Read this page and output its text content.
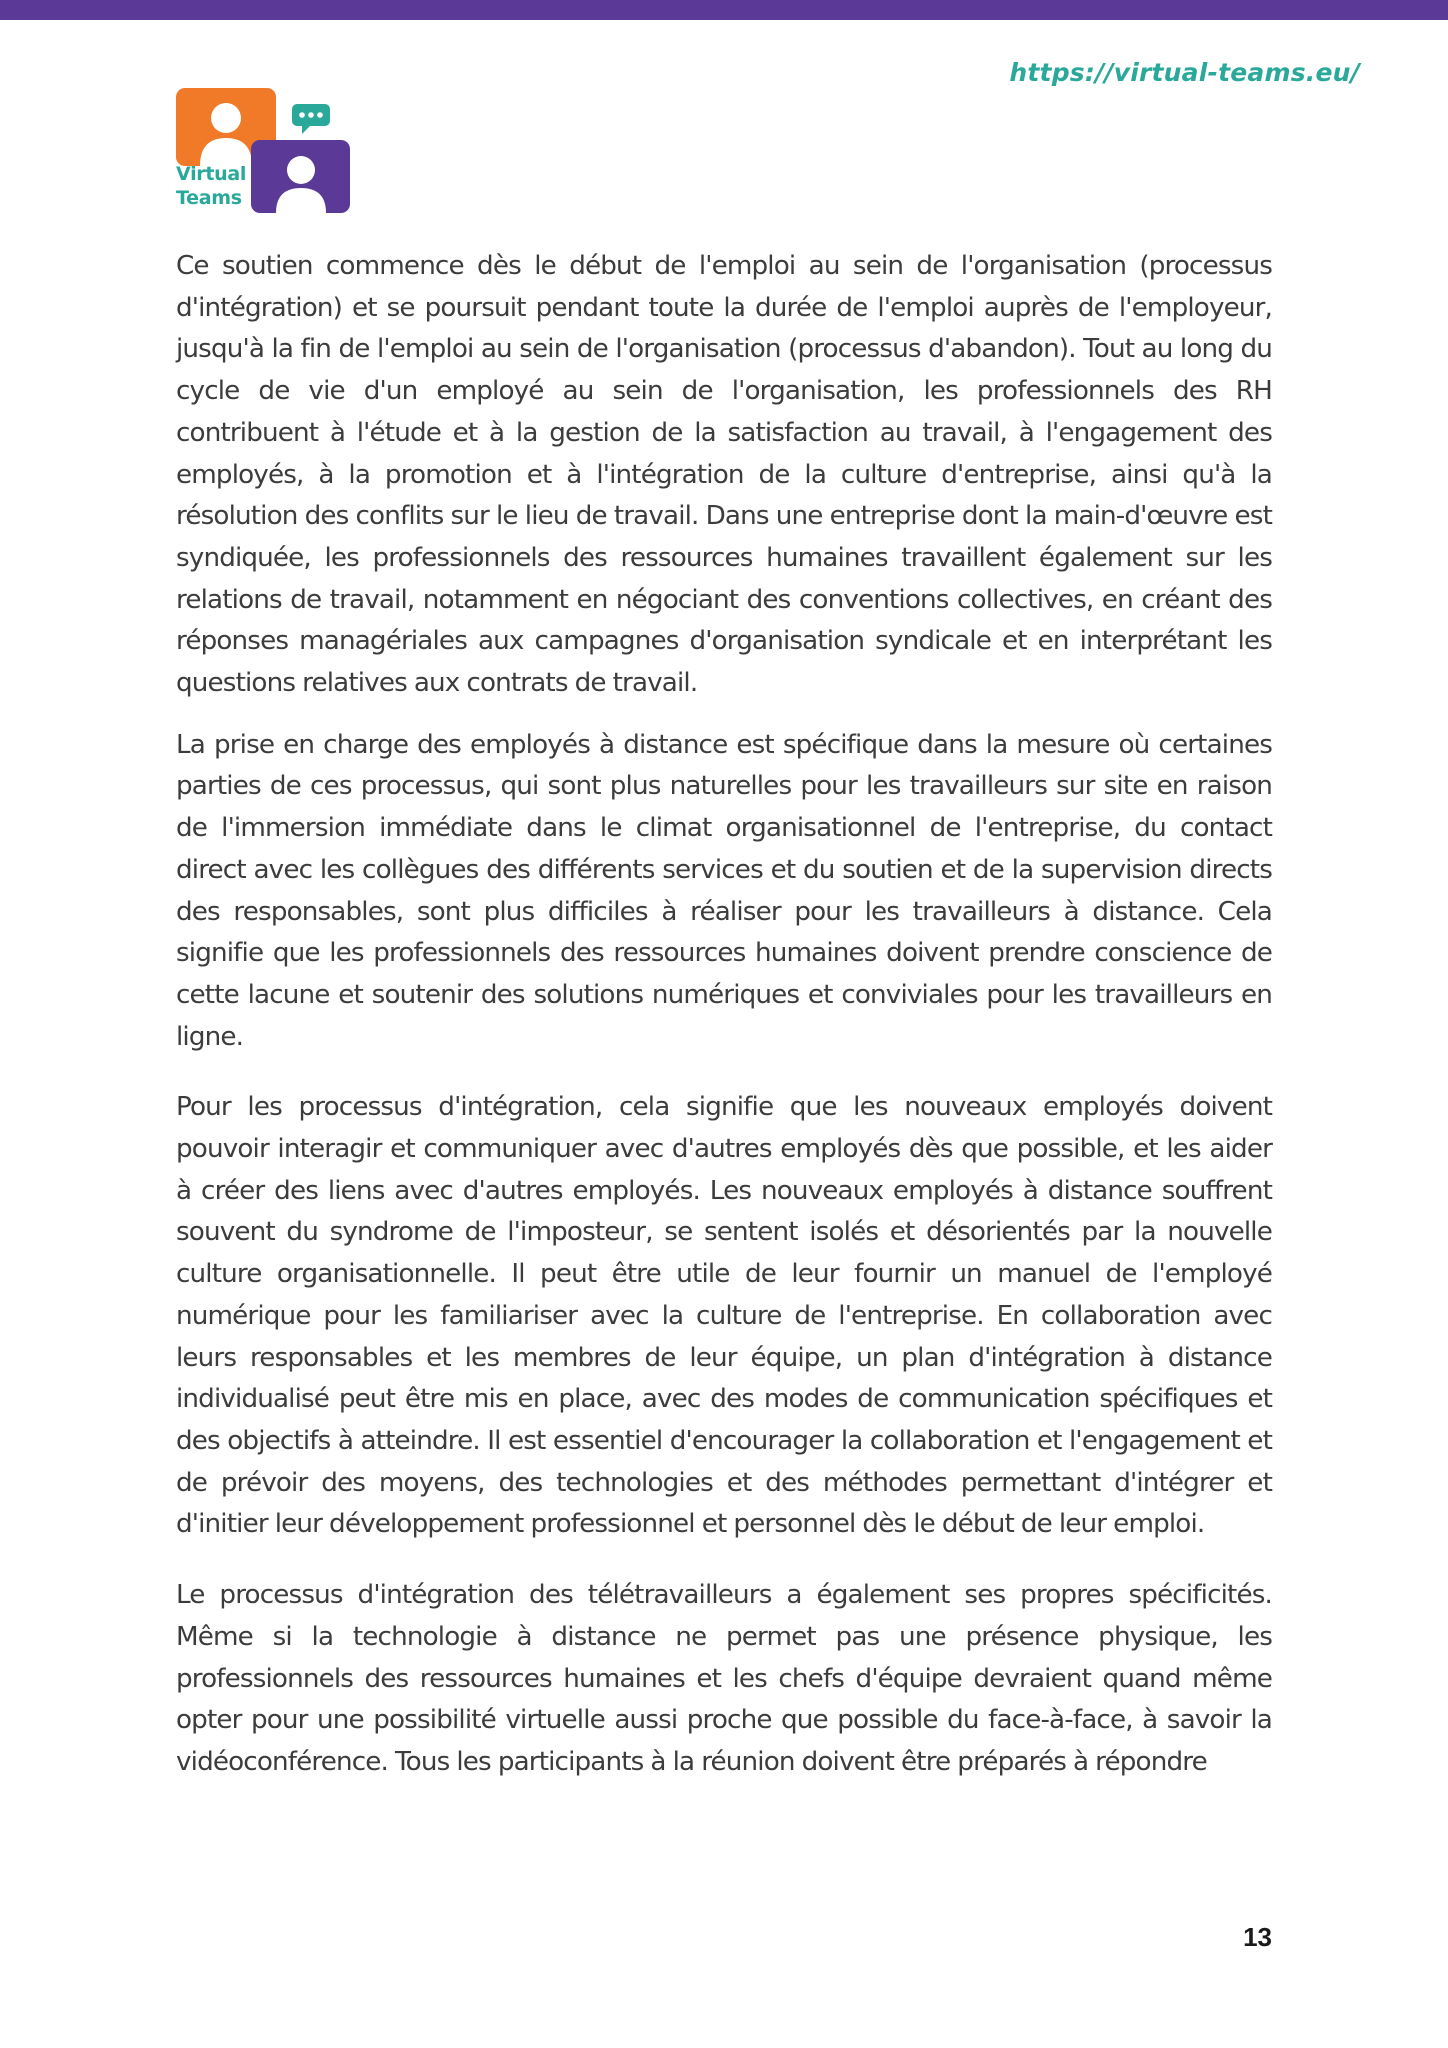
https://virtual-teams.eu/
Virtual
Teams

Ce soutien commence dès le début de l'emploi au sein de l'organisation (processus d'intégration) et se poursuit pendant toute la durée de l'emploi auprès de l'employeur, jusqu'à la fin de l'emploi au sein de l'organisation (processus d'abandon). Tout au long du cycle de vie d'un employé au sein de l'organisation, les professionnels des RH contribuent à l'étude et à la gestion de la satisfaction au travail, à l'engagement des employés, à la promotion et à l'intégration de la culture d'entreprise, ainsi qu'à la résolution des conflits sur le lieu de travail. Dans une entreprise dont la main-d'œuvre est syndiquée, les professionnels des ressources humaines travaillent également sur les relations de travail, notamment en négociant des conventions collectives, en créant des réponses managériales aux campagnes d'organisation syndicale et en interprétant les questions relatives aux contrats de travail.

La prise en charge des employés à distance est spécifique dans la mesure où certaines parties de ces processus, qui sont plus naturelles pour les travailleurs sur site en raison de l'immersion immédiate dans le climat organisationnel de l'entreprise, du contact direct avec les collègues des différents services et du soutien et de la supervision directs des responsables, sont plus difficiles à réaliser pour les travailleurs à distance. Cela signifie que les professionnels des ressources humaines doivent prendre conscience de cette lacune et soutenir des solutions numériques et conviviales pour les travailleurs en ligne.

Pour les processus d'intégration, cela signifie que les nouveaux employés doivent pouvoir interagir et communiquer avec d'autres employés dès que possible, et les aider à créer des liens avec d'autres employés. Les nouveaux employés à distance souffrent souvent du syndrome de l'imposteur, se sentent isolés et désorientés par la nouvelle culture organisationnelle. Il peut être utile de leur fournir un manuel de l'employé numérique pour les familiariser avec la culture de l'entreprise. En collaboration avec leurs responsables et les membres de leur équipe, un plan d'intégration à distance individualisé peut être mis en place, avec des modes de communication spécifiques et des objectifs à atteindre. Il est essentiel d'encourager la collaboration et l'engagement et de prévoir des moyens, des technologies et des méthodes permettant d'intégrer et d'initier leur développement professionnel et personnel dès le début de leur emploi.

Le processus d'intégration des télétravailleurs a également ses propres spécificités. Même si la technologie à distance ne permet pas une présence physique, les professionnels des ressources humaines et les chefs d'équipe devraient quand même opter pour une possibilité virtuelle aussi proche que possible du face-à-face, à savoir la vidéoconférence. Tous les participants à la réunion doivent être préparés à répondre

13
